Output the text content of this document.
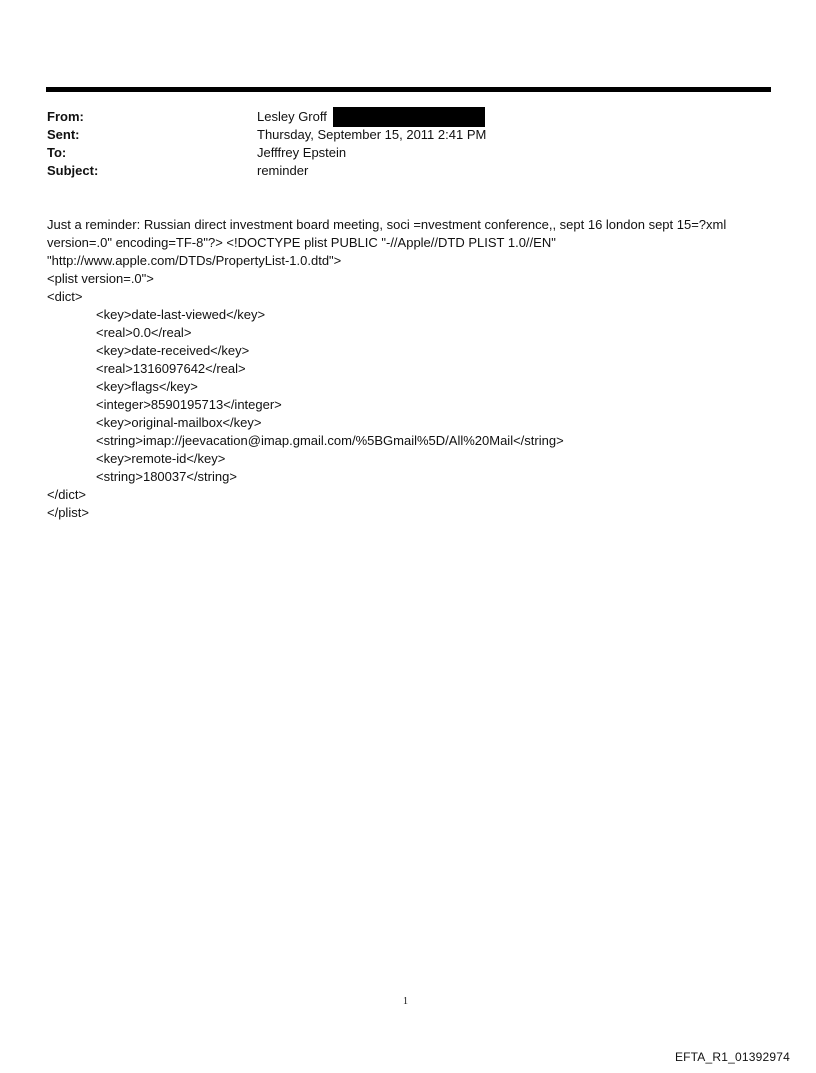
From:	Lesley Groff
Sent:	Thursday, September 15, 2011 2:41 PM
To:	Jefffrey Epstein
Subject:	reminder

Just a reminder: Russian direct investment board meeting, soci =nvestment conference,, sept 16 london sept 15=?xml

version=.0" encoding=TF-8"?> <!DOCTYPE plist PUBLIC "-//Apple//DTD PLIST 1.0//EN"

"http://www.apple.com/DTDs/PropertyList-1.0.dtd">

<plist version=.0">

<dict>

<key>date-last-viewed</key>

<real>0.0</real>

<key>date-received</key>

<real>1316097642</real>

<key>flags</key>

<integer>8590195713</integer>

<key>original-mailbox</key>

<string>imap://jeevacation@imap.gmail.com/%5BGmail%5D/All%20Mail</string>

<key>remote-id</key>

<string>180037</string>

</dict>

</plist>

1
EFTA_R1_01392974
